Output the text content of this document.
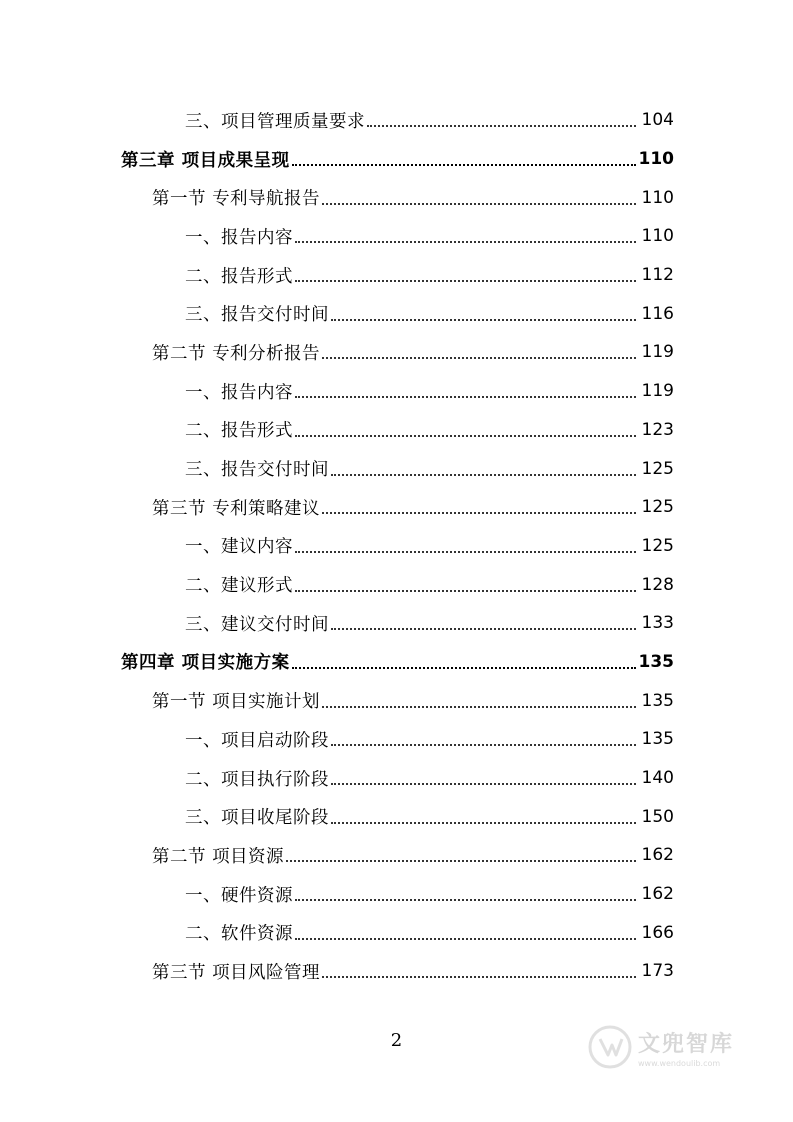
三、项目管理质量要求	104
第三章 项目成果呈现	110
第一节 专利导航报告	110
一、报告内容	110
二、报告形式	112
三、报告交付时间	116
第二节 专利分析报告	119
一、报告内容	119
二、报告形式	123
三、报告交付时间	125
第三节 专利策略建议	125
一、建议内容	125
二、建议形式	128
三、建议交付时间	133
第四章 项目实施方案	135
第一节 项目实施计划	135
一、项目启动阶段	135
二、项目执行阶段	140
三、项目收尾阶段	150
第二节 项目资源	162
一、硬件资源	162
二、软件资源	166
第三节 项目风险管理	173
2	文兜智库
www.wendoulib.com
